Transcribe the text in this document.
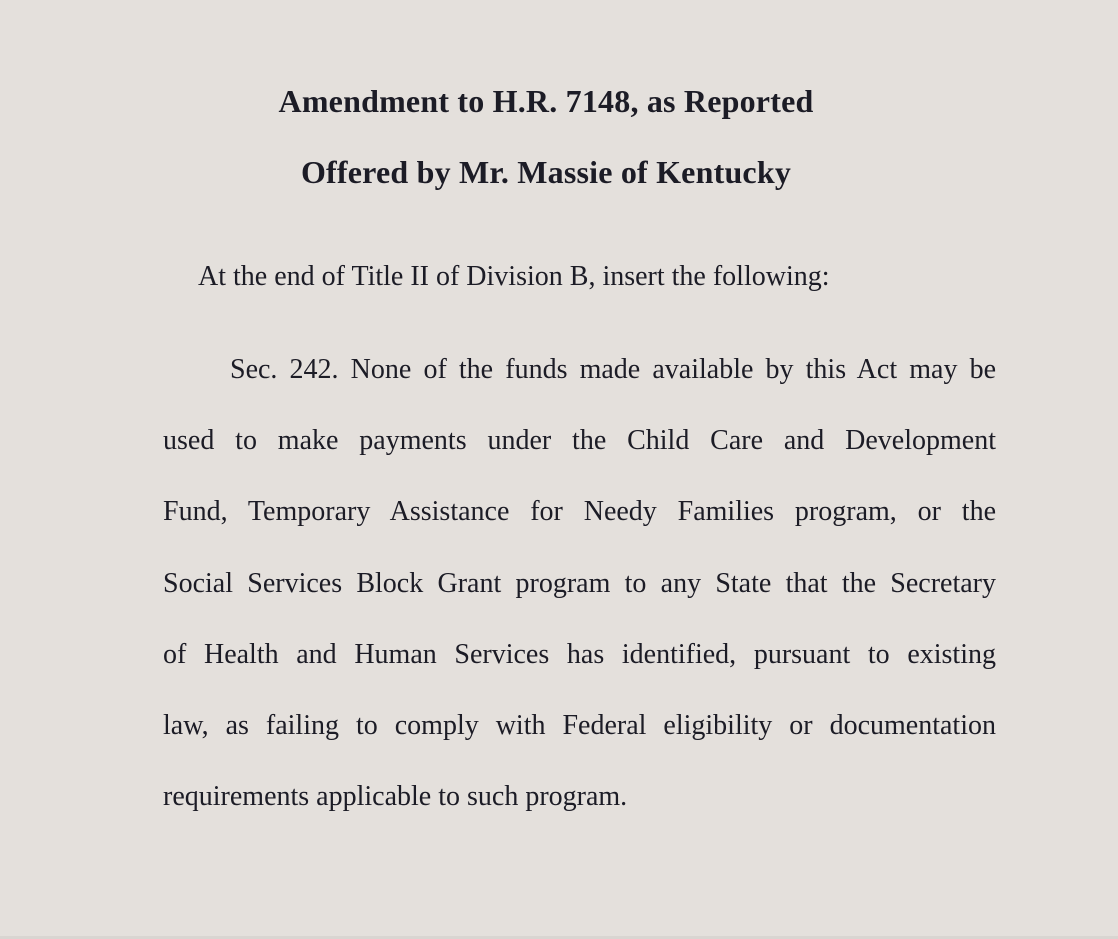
Amendment to H.R. 7148, as Reported
Offered by Mr. Massie of Kentucky
At the end of Title II of Division B, insert the following:
Sec. 242. None of the funds made available by this Act may be
used to make payments under the Child Care and Development
Fund, Temporary Assistance for Needy Families program, or the
Social Services Block Grant program to any State that the Secretary
of Health and Human Services has identified, pursuant to existing
law, as failing to comply with Federal eligibility or documentation
requirements applicable to such program.
